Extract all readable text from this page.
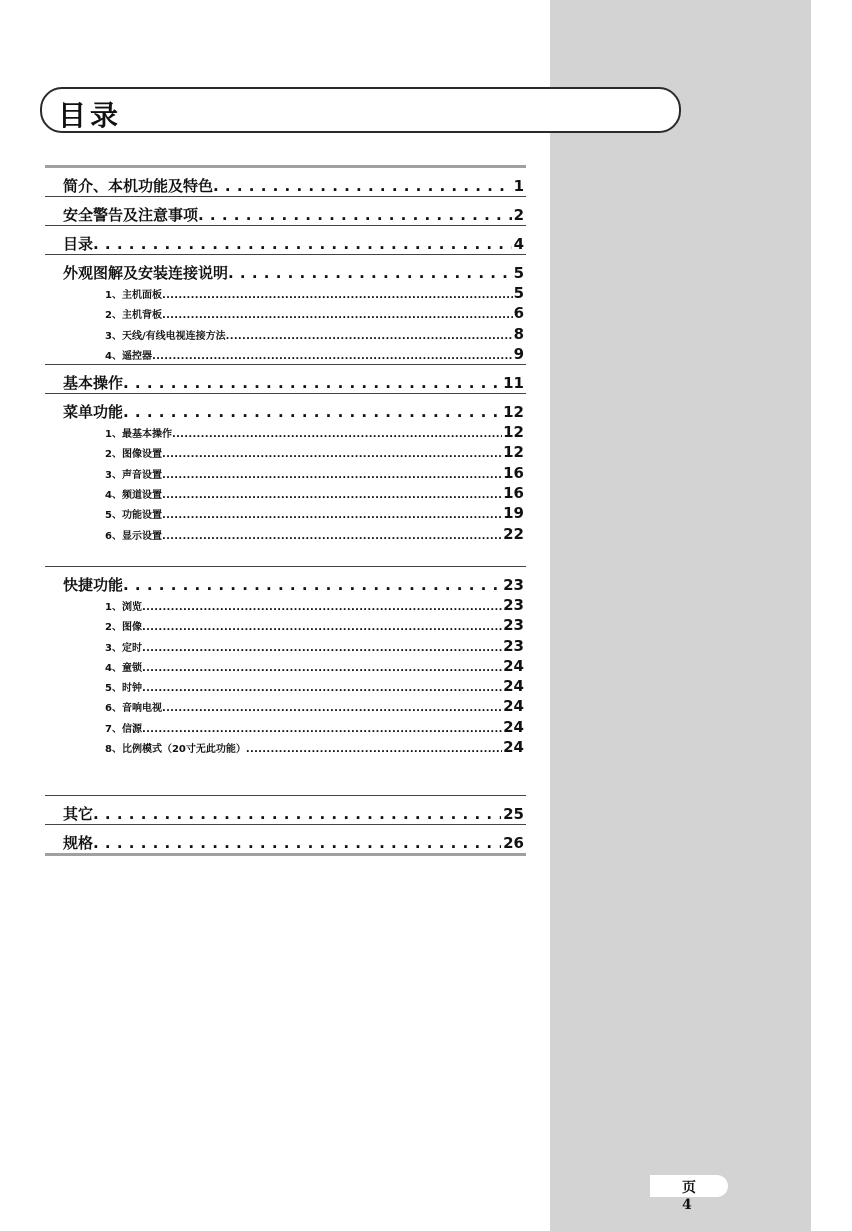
目录
简介、本机功能及特色 . . .	1
安全警告及注意事项 . . .	2
目录 . . .	4
外观图解及安装连接说明 . . .	5
1、主机面板 .....	5
2、主机背板 .....	6
3、天线/有线电视连接方法 .....	8
4、遥控器 .....	9
基本操作 . . .	11
菜单功能 . . .	12
1、最基本操作 .....	12
2、图像设置 .....	12
3、声音设置 .....	16
4、频道设置 .....	16
5、功能设置 .....	19
6、显示设置 .....	22
快捷功能 . . .	23
1、浏览 .....	23
2、图像 .....	23
3、定时 .....	23
4、童锁 .....	24
5、时钟 .....	24
6、音响电视 .....	24
7、信源 .....	24
8、比例模式（20寸无此功能） .....	24
其它 . . .	25
规格 . . .	26
页 4
